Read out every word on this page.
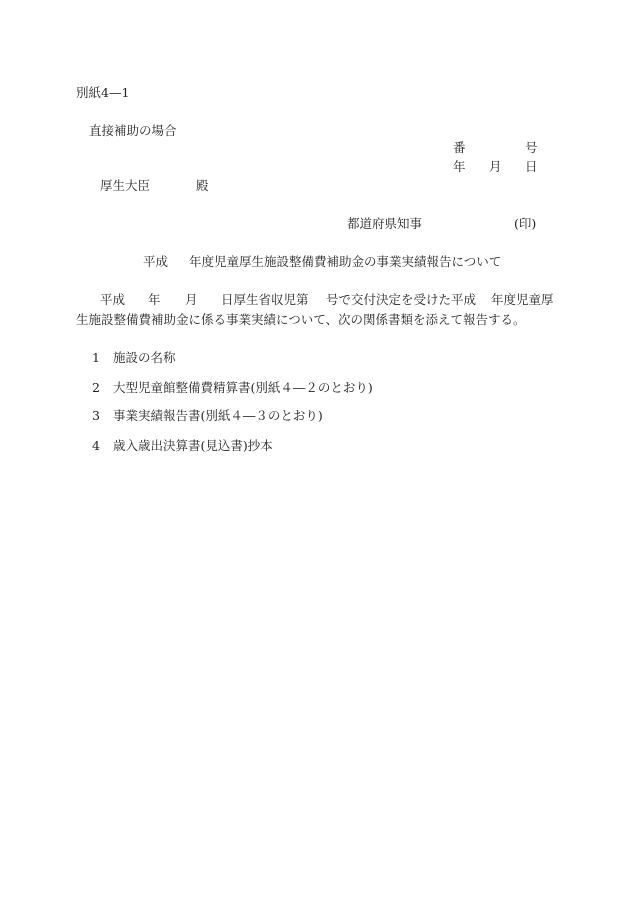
別紙4—1
直接補助の場合
番	号
年 月 日
厚生大臣	殿
都道府県知事	(印)
平成 年度児童厚生施設整備費補助金の事業実績報告について
平成 年 月 日厚生省収児第 号で交付決定を受けた平成 年度児童厚
生施設整備費補助金に係る事業実績について、次の関係書類を添えて報告する。
1 施設の名称
2 大型児童館整備費精算書(別紙４―２のとおり)
3 事業実績報告書(別紙４―３のとおり)
4 歳入歳出決算書(見込書)抄本
